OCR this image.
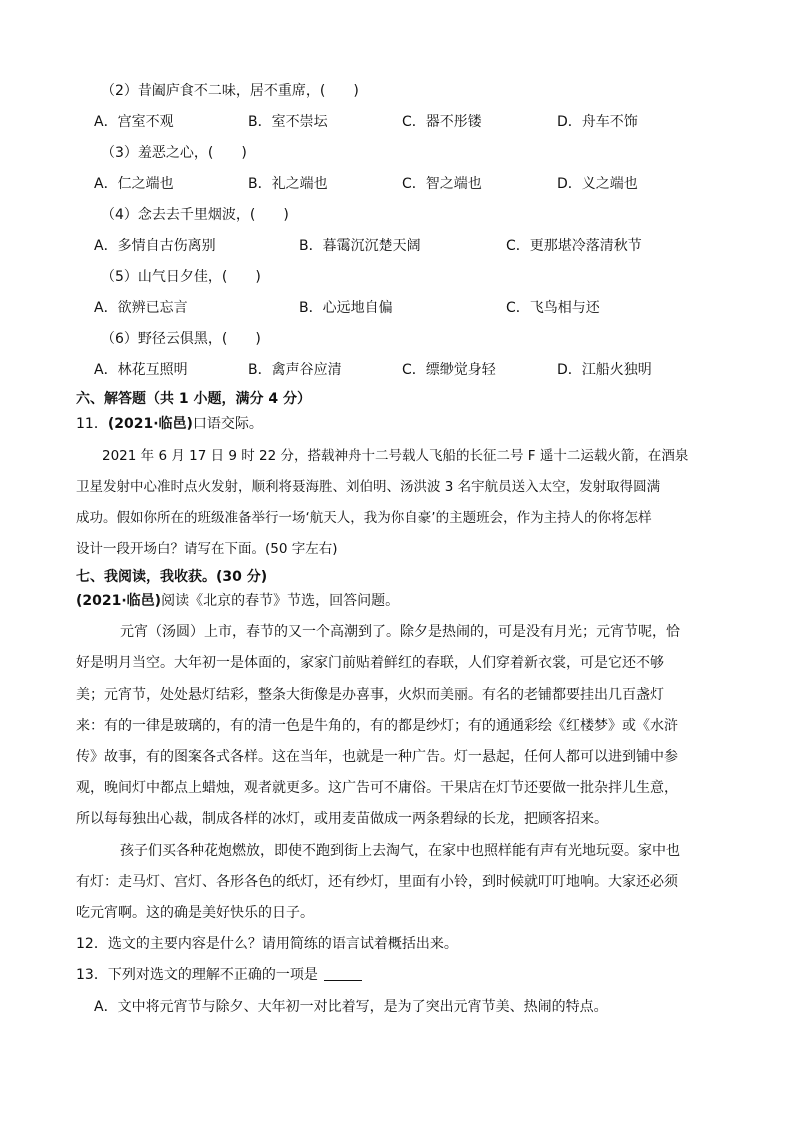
（2）昔阖庐食不二味，居不重席，(　　)
A．宫室不观	B．室不崇坛	C．器不彤镂	D．舟车不饰
（3）羞恶之心，(　　)
A．仁之端也	B．礼之端也	C．智之端也	D．义之端也
（4）念去去千里烟波，(　　)
A．多情自古伤离别	B．暮霭沉沉楚天阔	C．更那堪冷落清秋节
（5）山气日夕佳，(　　)
A．欲辨已忘言	B．心远地自偏	C．飞鸟相与还
（6）野径云俱黑，(　　)
A．林花互照明	B．禽声谷应清	C．缥缈觉身轻	D．江船火独明
六、解答题（共 1 小题，满分 4 分）
11．(2021·临邑)口语交际。
2021 年 6 月 17 日 9 时 22 分，搭载神舟十二号载人飞船的长征二号 F 遥十二运载火箭，在酒泉
卫星发射中心准时点火发射，顺利将聂海胜、刘伯明、汤洪波 3 名宇航员送入太空，发射取得圆满
成功。假如你所在的班级准备举行一场‘航天人，我为你自豪’的主题班会，作为主持人的你将怎样
设计一段开场白？请写在下面。(50 字左右)
七、我阅读，我收获。(30 分)
(2021·临邑)阅读《北京的春节》节选，回答问题。
元宵（汤圆）上市，春节的又一个高潮到了。除夕是热闹的，可是没有月光；元宵节呢，恰
好是明月当空。大年初一是体面的，家家门前贴着鲜红的春联，人们穿着新衣裳，可是它还不够
美；元宵节，处处悬灯结彩，整条大街像是办喜事，火炽而美丽。有名的老铺都要挂出几百盏灯
来：有的一律是玻璃的，有的清一色是牛角的，有的都是纱灯；有的通通彩绘《红楼梦》或《水浒
传》故事，有的图案各式各样。这在当年，也就是一种广告。灯一悬起，任何人都可以进到铺中参
观，晚间灯中都点上蜡烛，观者就更多。这广告可不庸俗。干果店在灯节还要做一批杂拌儿生意，
所以每每独出心裁，制成各样的冰灯，或用麦苗做成一两条碧绿的长龙，把顾客招来。
孩子们买各种花炮燃放，即使不跑到街上去淘气，在家中也照样能有声有光地玩耍。家中也
有灯：走马灯、宫灯、各形各色的纸灯，还有纱灯，里面有小铃，到时候就叮叮地响。大家还必须
吃元宵啊。这的确是美好快乐的日子。
12．选文的主要内容是什么？请用简练的语言试着概括出来。
13．下列对选文的理解不正确的一项是
A．文中将元宵节与除夕、大年初一对比着写，是为了突出元宵节美、热闹的特点。
